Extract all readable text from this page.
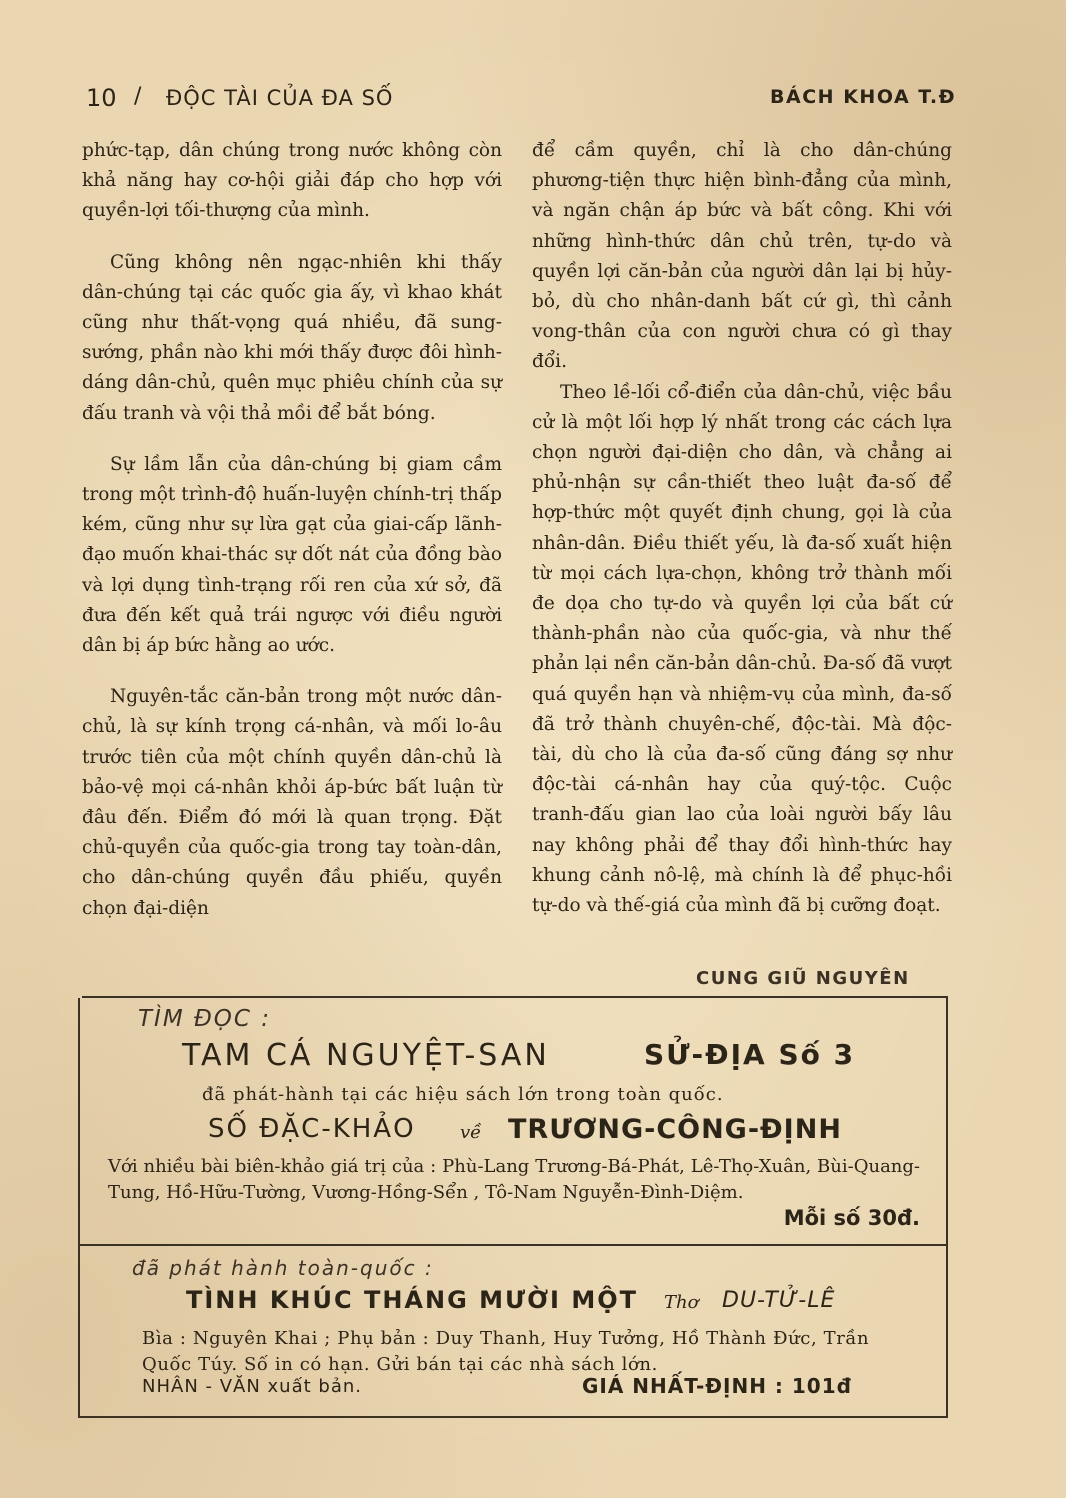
10 / ĐỘC TÀI CỦA ĐA SỐ	BÁCH KHOA T.Đ

phức-tạp, dân chúng trong nước không còn khả năng hay cơ-hội giải đáp cho hợp với quyền-lợi tối-thượng của mình.

Cũng không nên ngạc-nhiên khi thấy dân-chúng tại các quốc gia ấy, vì khao khát cũng như thất-vọng quá nhiều, đã sung-sướng, phần nào khi mới thấy được đôi hình-dáng dân-chủ, quên mục phiêu chính của sự đấu tranh và vội thả mồi để bắt bóng.

Sự lầm lẫn của dân-chúng bị giam cầm trong một trình-độ huấn-luyện chính-trị thấp kém, cũng như sự lừa gạt của giai-cấp lãnh-đạo muốn khai-thác sự dốt nát của đồng bào và lợi dụng tình-trạng rối ren của xứ sở, đã đưa đến kết quả trái ngược với điều người dân bị áp bức hằng ao ước.

Nguyên-tắc căn-bản trong một nước dân-chủ, là sự kính trọng cá-nhân, và mối lo-âu trước tiên của một chính quyền dân-chủ là bảo-vệ mọi cá-nhân khỏi áp-bức bất luận từ đâu đến. Điểm đó mới là quan trọng. Đặt chủ-quyền của quốc-gia trong tay toàn-dân, cho dân-chúng quyền đầu phiếu, quyền chọn đại-diện

để cầm quyền, chỉ là cho dân-chúng phương-tiện thực hiện bình-đẳng của mình, và ngăn chận áp bức và bất công. Khi với những hình-thức dân chủ trên, tự-do và quyền lợi căn-bản của người dân lại bị hủy-bỏ, dù cho nhân-danh bất cứ gì, thì cảnh vong-thân của con người chưa có gì thay đổi.

Theo lề-lối cổ-điển của dân-chủ, việc bầu cử là một lối hợp lý nhất trong các cách lựa chọn người đại-diện cho dân, và chẳng ai phủ-nhận sự cần-thiết theo luật đa-số để hợp-thức một quyết định chung, gọi là của nhân-dân. Điều thiết yếu, là đa-số xuất hiện từ mọi cách lựa-chọn, không trở thành mối đe dọa cho tự-do và quyền lợi của bất cứ thành-phần nào của quốc-gia, và như thế phản lại nền căn-bản dân-chủ. Đa-số đã vượt quá quyền hạn và nhiệm-vụ của mình, đa-số đã trở thành chuyên-chế, độc-tài. Mà độc-tài, dù cho là của đa-số cũng đáng sợ như độc-tài cá-nhân hay của quý-tộc. Cuộc tranh-đấu gian lao của loài người bấy lâu nay không phải để thay đổi hình-thức hay khung cảnh nô-lệ, mà chính là để phục-hồi tự-do và thế-giá của mình đã bị cưỡng đoạt.

CUNG GIŨ NGUYÊN
TÌM ĐỌC :
TAM CÁ NGUYỆT-SAN	SỬ-ĐỊA Số 3
đã phát-hành tại các hiệu sách lớn trong toàn quốc.
SỐ ĐẶC-KHẢO về TRƯƠNG-CÔNG-ĐỊNH
Với nhiều bài biên-khảo giá trị của : Phù-Lang Trương-Bá-Phát, Lê-Thọ-Xuân, Bùi-Quang-Tung, Hồ-Hữu-Tường, Vương-Hồng-Sển , Tô-Nam Nguyễn-Đình-Diệm.
Mỗi số 30đ.
đã phát hành toàn-quốc :
TÌNH KHÚC THÁNG MƯỜI MỘT Thơ DU-TỬ-LÊ
Bìa : Nguyên Khai ; Phụ bản : Duy Thanh, Huy Tưởng, Hồ Thành Đức, Trần Quốc Túy. Số in có hạn. Gửi bán tại các nhà sách lớn.
NHÂN - VĂN xuất bản.	GIÁ NHẤT-ĐỊNH : 101đ
